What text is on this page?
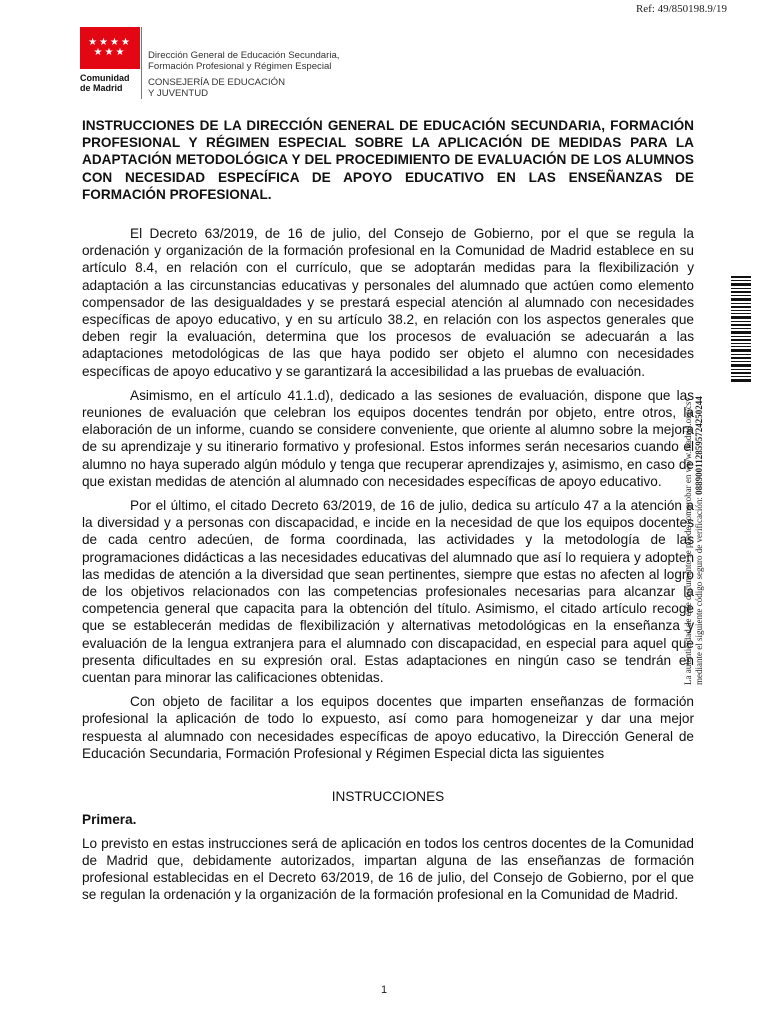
Ref: 49/850198.9/19
★★★★ ★★★
Comunidad
de Madrid
Dirección General de Educación Secundaria,
Formación Profesional y Régimen Especial
CONSEJERÍA DE EDUCACIÓN
Y JUVENTUD
INSTRUCCIONES DE LA DIRECCIÓN GENERAL DE EDUCACIÓN SECUNDARIA, FORMACIÓN PROFESIONAL Y RÉGIMEN ESPECIAL SOBRE LA APLICACIÓN DE MEDIDAS PARA LA ADAPTACIÓN METODOLÓGICA Y DEL PROCEDIMIENTO DE EVALUACIÓN DE LOS ALUMNOS CON NECESIDAD ESPECÍFICA DE APOYO EDUCATIVO EN LAS ENSEÑANZAS DE FORMACIÓN PROFESIONAL.

El Decreto 63/2019, de 16 de julio, del Consejo de Gobierno, por el que se regula la ordenación y organización de la formación profesional en la Comunidad de Madrid establece en su artículo 8.4, en relación con el currículo, que se adoptarán medidas para la flexibilización y adaptación a las circunstancias educativas y personales del alumnado que actúen como elemento compensador de las desigualdades y se prestará especial atención al alumnado con necesidades específicas de apoyo educativo, y en su artículo 38.2, en relación con los aspectos generales que deben regir la evaluación, determina que los procesos de evaluación se adecuarán a las adaptaciones metodológicas de las que haya podido ser objeto el alumno con necesidades específicas de apoyo educativo y se garantizará la accesibilidad a las pruebas de evaluación.

Asimismo, en el artículo 41.1.d), dedicado a las sesiones de evaluación, dispone que las reuniones de evaluación que celebran los equipos docentes tendrán por objeto, entre otros, la elaboración de un informe, cuando se considere conveniente, que oriente al alumno sobre la mejora de su aprendizaje y su itinerario formativo y profesional. Estos informes serán necesarios cuando el alumno no haya superado algún módulo y tenga que recuperar aprendizajes y, asimismo, en caso de que existan medidas de atención al alumnado con necesidades específicas de apoyo educativo.

Por el último, el citado Decreto 63/2019, de 16 de julio, dedica su artículo 47 a la atención a la diversidad y a personas con discapacidad, e incide en la necesidad de que los equipos docentes de cada centro adecúen, de forma coordinada, las actividades y la metodología de las programaciones didácticas a las necesidades educativas del alumnado que así lo requiera y adopten las medidas de atención a la diversidad que sean pertinentes, siempre que estas no afecten al logro de los objetivos relacionados con las competencias profesionales necesarias para alcanzar la competencia general que capacita para la obtención del título. Asimismo, el citado artículo recoge que se establecerán medidas de flexibilización y alternativas metodológicas en la enseñanza y evaluación de la lengua extranjera para el alumnado con discapacidad, en especial para aquel que presenta dificultades en su expresión oral. Estas adaptaciones en ningún caso se tendrán en cuentan para minorar las calificaciones obtenidas.

Con objeto de facilitar a los equipos docentes que imparten enseñanzas de formación profesional la aplicación de todo lo expuesto, así como para homogeneizar y dar una mejor respuesta al alumnado con necesidades específicas de apoyo educativo, la Dirección General de Educación Secundaria, Formación Profesional y Régimen Especial dicta las siguientes

INSTRUCCIONES
Primera.

Lo previsto en estas instrucciones será de aplicación en todos los centros docentes de la Comunidad de Madrid que, debidamente autorizados, impartan alguna de las enseñanzas de formación profesional establecidas en el Decreto 63/2019, de 16 de julio, del Consejo de Gobierno, por el que se regulan la ordenación y la organización de la formación profesional en la Comunidad de Madrid.

1
La autenticidad de este documento se puede comprobar en www.madrid.org/csv mediante el siguiente código seguro de verificación: 0889001128595724250244
